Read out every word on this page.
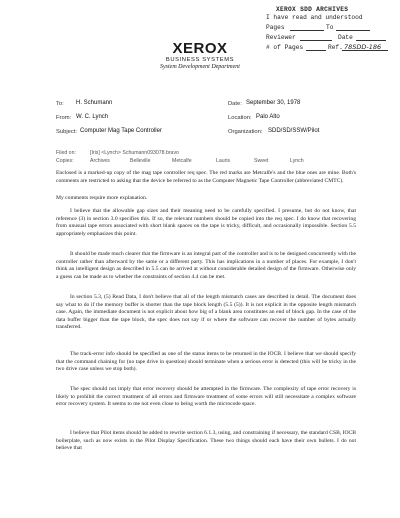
XEROX SDD ARCHIVES
I have read and understood
Pages	To
Reviewer	Date
# of Pages	Ref. 78SDD-186
XEROX
BUSINESS SYSTEMS
System Development Department
To: H. Schumann	Date: September 30, 1978
From: W. C. Lynch	Location: Palo Alto
Subject: Computer Mag Tape Controller	Organization: SDD/SD/SSW/Pilot
Filed on:	[Iris] <Lynch> Schumann093078.bravo
Copies:	Archives	Belleville	Metcalfe	Lauris	Sweet	Lynch
Enclosed is a marked-up copy of the mag tape controller req spec. The red marks are Metcalfe's and the blue ones are mine. Both's comments are restricted to asking that the device be referred to as the Computer Magnetic Tape Controller (abbreviated CMTC).
My comments require more explanation.
I believe that the allowable gap sizes and their meaning need to be carefully specified. I presume, but do not know, that reference (3) in section 3.0 specifies this. If so, the relevant numbers should be copied into the req spec. I do know that recovering from unusual tape errors associated with short blank spaces on the tape is tricky, difficult, and occasionally impossible. Section 5.5 appropriately emphasizes this point.
It should be made much clearer that the firmware is an integral part of the controller and is to be designed concurrently with the controller rather than afterward by the same or a different party. This has implications in a number of places. For example, I don't think an intelligent design as described in 5.5 can be arrived at without considerable detailed design of the firmware. Otherwise only a guess can be made as to whether the constraints of section 4.4 can be met.
In section 5.3, (5) Read Data, I don't believe that all of the length mismatch cases are described in detail. The document does say what to do if the memory buffer is shorter than the tape block length (5.5 (5)). It is not explicit in the opposite length mismatch case. Again, the immediate document is not explicit about how big of a blank area constitutes an end of block gap. In the case of the data buffer bigger than the tape block, the spec does not say if or where the software can recover the number of bytes actually transferred.
The track-error info should be specified as one of the status items to be returned in the IOCB. I believe that we should specify that the command chaining for (no tape drive in question) should terminate when a serious error is detected (this will be tricky in the two drive case unless we stop both).
The spec should not imply that error recovery should be attempted in the firmware. The complexity of tape error recovery is likely to prohibit the correct treatment of all errors and firmware treatment of some errors will still necessitate a complex software error recovery system. It seems to me not even close to being worth the microcode space.
I believe that Pilot items should be added to rewrite section 6.1.3, using, and constraining if necessary, the standard CSB, IOCB boilerplate, such as now exists in the Pilot Display Specification. These two things should each have their own bullets. I do not believe that
